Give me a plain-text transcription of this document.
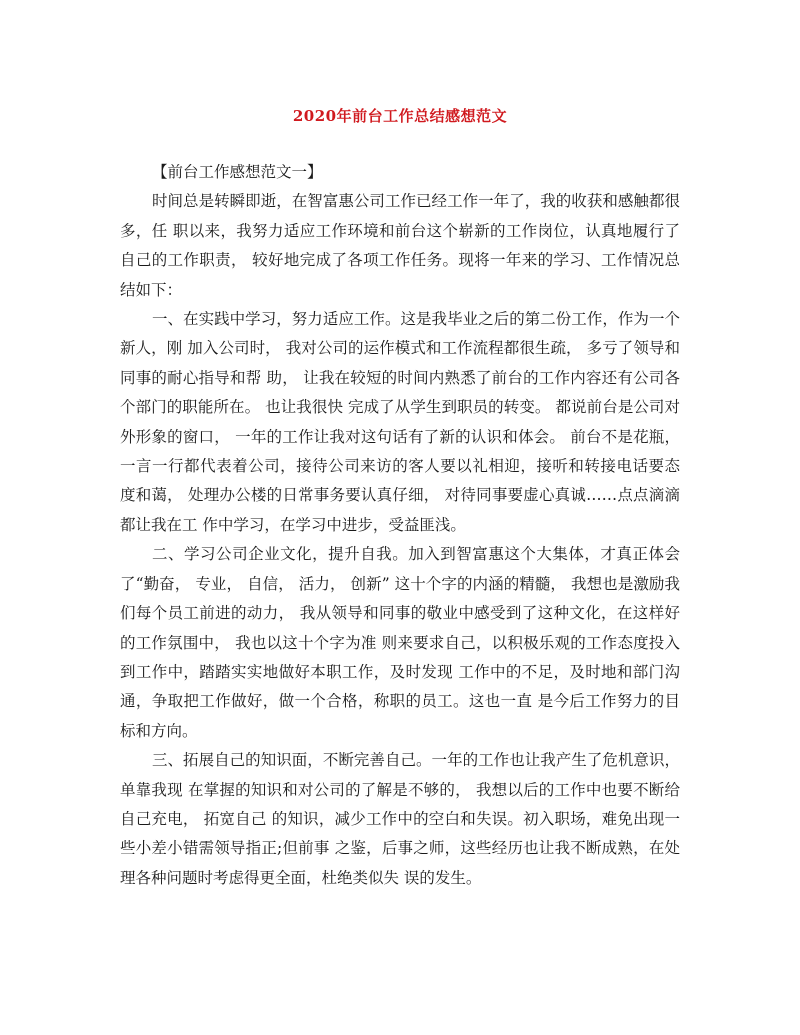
2020年前台工作总结感想范文

【前台工作感想范文一】

时间总是转瞬即逝，在智富惠公司工作已经工作一年了，我的收获和感触都很多，任 职以来，我努力适应工作环境和前台这个崭新的工作岗位，认真地履行了自己的工作职责， 较好地完成了各项工作任务。现将一年来的学习、工作情况总结如下：

一、在实践中学习，努力适应工作。这是我毕业之后的第二份工作，作为一个新人，刚 加入公司时， 我对公司的运作模式和工作流程都很生疏， 多亏了领导和同事的耐心指导和帮 助， 让我在较短的时间内熟悉了前台的工作内容还有公司各个部门的职能所在。 也让我很快 完成了从学生到职员的转变。 都说前台是公司对外形象的窗口， 一年的工作让我对这句话有了新的认识和体会。 前台不是花瓶，一言一行都代表着公司，接待公司来访的客人要以礼相迎，接听和转接电话要态 度和蔼， 处理办公楼的日常事务要认真仔细， 对待同事要虚心真诚……点点滴滴都让我在工 作中学习，在学习中进步，受益匪浅。

二、学习公司企业文化，提升自我。加入到智富惠这个大集体，才真正体会了“勤奋， 专业， 自信， 活力， 创新” 这十个字的内涵的精髓， 我想也是激励我们每个员工前进的动力， 我从领导和同事的敬业中感受到了这种文化，在这样好的工作氛围中， 我也以这十个字为准 则来要求自己，以积极乐观的工作态度投入到工作中，踏踏实实地做好本职工作，及时发现 工作中的不足，及时地和部门沟通，争取把工作做好，做一个合格，称职的员工。这也一直 是今后工作努力的目标和方向。

三、拓展自己的知识面，不断完善自己。一年的工作也让我产生了危机意识，单靠我现 在掌握的知识和对公司的了解是不够的， 我想以后的工作中也要不断给自己充电， 拓宽自己 的知识，减少工作中的空白和失误。初入职场，难免出现一些小差小错需领导指正;但前事 之鉴，后事之师，这些经历也让我不断成熟，在处理各种问题时考虑得更全面，杜绝类似失 误的发生。
